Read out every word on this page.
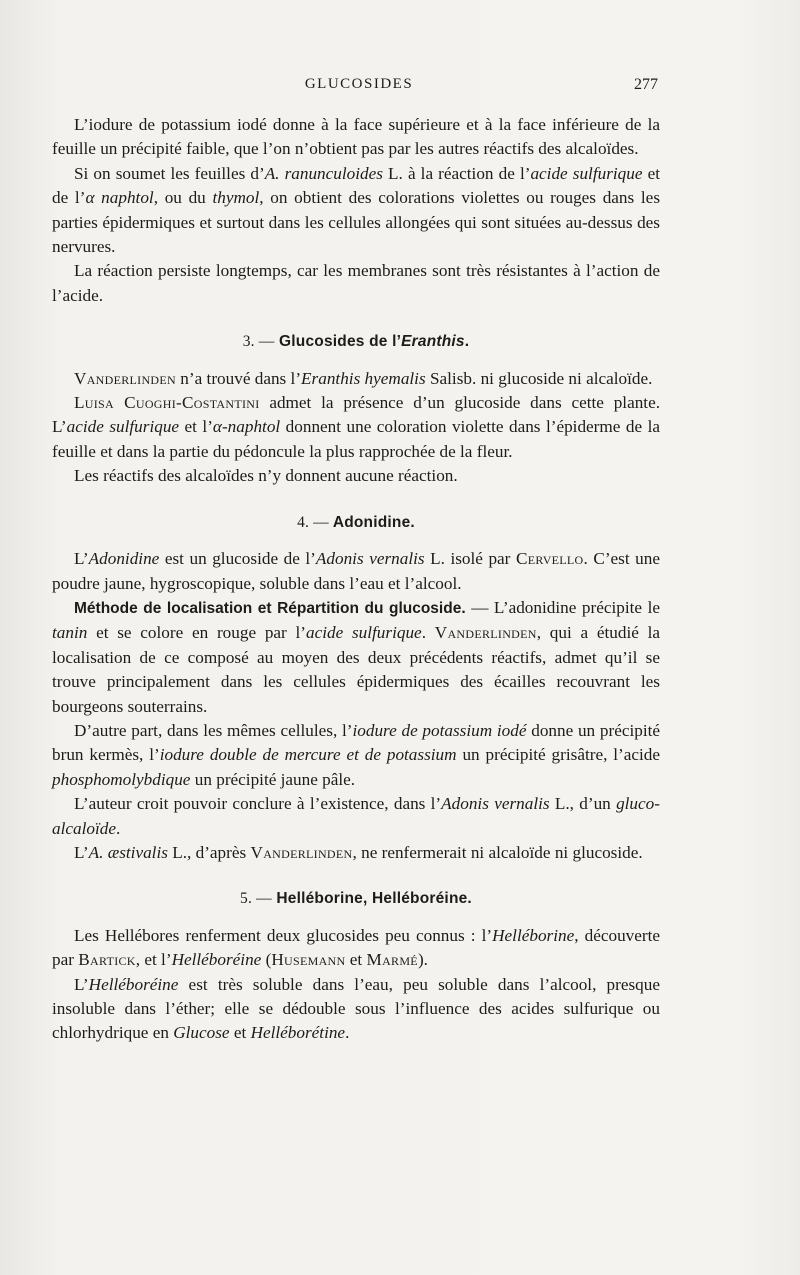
GLUCOSIDES	277

L’iodure de potassium iodé donne à la face supérieure et à la face inférieure de la feuille un précipité faible, que l’on n’obtient pas par les autres réactifs des alcaloïdes.

Si on soumet les feuilles d’A. ranunculoides L. à la réaction de l’acide sulfurique et de l’α naphtol, ou du thymol, on obtient des colorations violettes ou rouges dans les parties épidermiques et surtout dans les cellules allongées qui sont situées au-dessus des nervures.

La réaction persiste longtemps, car les membranes sont très résistantes à l’action de l’acide.

3. — Glucosides de l’Eranthis.

Vanderlinden n’a trouvé dans l’Eranthis hyemalis Salisb. ni glucoside ni alcaloïde.

Luisa Cuoghi-Costantini admet la présence d’un glucoside dans cette plante. L’acide sulfurique et l’α-naphtol donnent une coloration violette dans l’épiderme de la feuille et dans la partie du pédoncule la plus rapprochée de la fleur.

Les réactifs des alcaloïdes n’y donnent aucune réaction.

4. — Adonidine.

L’Adonidine est un glucoside de l’Adonis vernalis L. isolé par Cervello. C’est une poudre jaune, hygroscopique, soluble dans l’eau et l’alcool.

Méthode de localisation et Répartition du glucoside. — L’adonidine précipite le tanin et se colore en rouge par l’acide sulfurique. Vanderlinden, qui a étudié la localisation de ce composé au moyen des deux précédents réactifs, admet qu’il se trouve principalement dans les cellules épidermiques des écailles recouvrant les bourgeons souterrains.

D’autre part, dans les mêmes cellules, l’iodure de potassium iodé donne un précipité brun kermès, l’iodure double de mercure et de potassium un précipité grisâtre, l’acide phosphomolybdique un précipité jaune pâle.

L’auteur croit pouvoir conclure à l’existence, dans l’Adonis vernalis L., d’un gluco-alcaloïde.

L’A. æstivalis L., d’après Vanderlinden, ne renfermerait ni alcaloïde ni glucoside.

5. — Helléborine, Helléboréine.

Les Hellébores renferment deux glucosides peu connus : l’Helléborine, découverte par Bartick, et l’Helléboréine (Husemann et Marmé).

L’Helléboréine est très soluble dans l’eau, peu soluble dans l’alcool, presque insoluble dans l’éther; elle se dédouble sous l’influence des acides sulfurique ou chlorhydrique en Glucose et Helléborétine.
